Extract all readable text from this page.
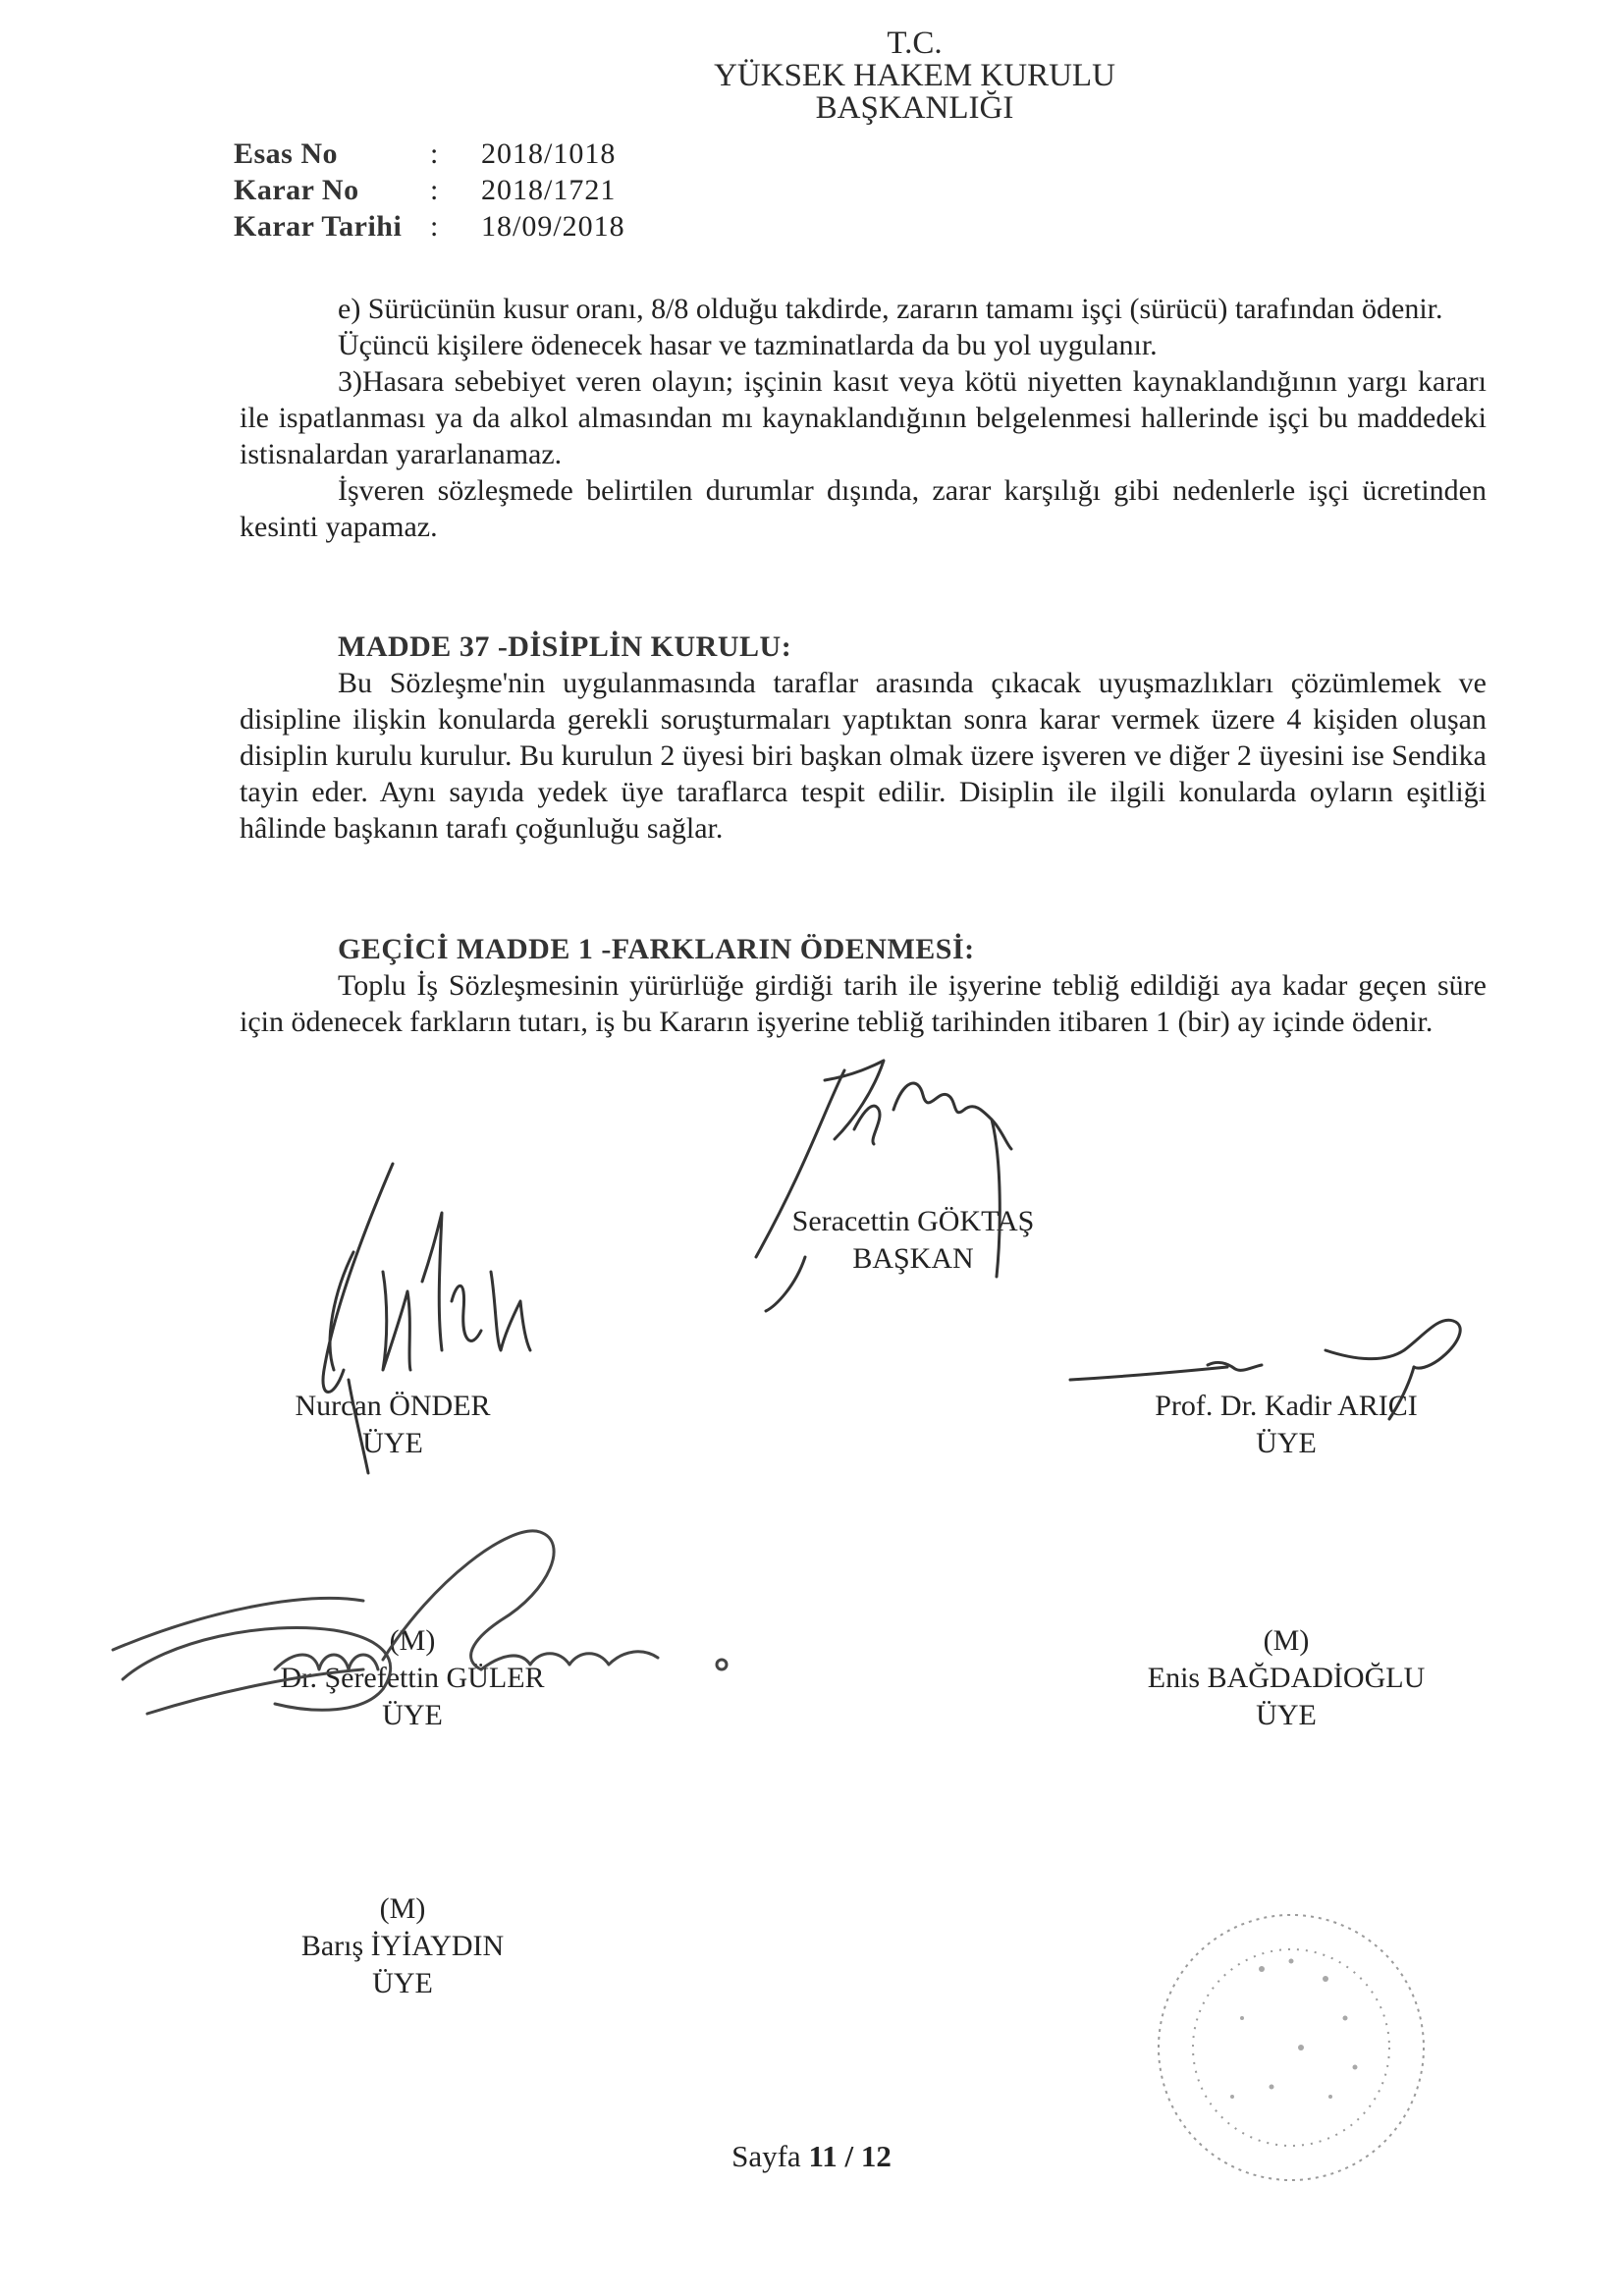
T.C.
YÜKSEK HAKEM KURULU
BAŞKANLIĞI
Esas No	:	2018/1018
Karar No	:	2018/1721
Karar Tarihi :	18/09/2018

e) Sürücünün kusur oranı, 8/8 olduğu takdirde, zararın tamamı işçi (sürücü) tarafından ödenir.

Üçüncü kişilere ödenecek hasar ve tazminatlarda da bu yol uygulanır.

3)Hasara sebebiyet veren olayın; işçinin kasıt veya kötü niyetten kaynaklandığının yargı kararı ile ispatlanması ya da alkol almasından mı kaynaklandığının belgelenmesi hallerinde işçi bu maddedeki istisnalardan yararlanamaz.

İşveren sözleşmede belirtilen durumlar dışında, zarar karşılığı gibi nedenlerle işçi ücretinden kesinti yapamaz.

MADDE 37 -DİSİPLİN KURULU:

Bu Sözleşme'nin uygulanmasında taraflar arasında çıkacak uyuşmazlıkları çözümlemek ve disipline ilişkin konularda gerekli soruşturmaları yaptıktan sonra karar vermek üzere 4 kişiden oluşan disiplin kurulu kurulur. Bu kurulun 2 üyesi biri başkan olmak üzere işveren ve diğer 2 üyesini ise Sendika tayin eder. Aynı sayıda yedek üye taraflarca tespit edilir. Disiplin ile ilgili konularda oyların eşitliği hâlinde başkanın tarafı çoğunluğu sağlar.

GEÇİCİ MADDE 1 -FARKLARIN ÖDENMESİ:

Toplu İş Sözleşmesinin yürürlüğe girdiği tarih ile işyerine tebliğ edildiği aya kadar geçen süre için ödenecek farkların tutarı, iş bu Kararın işyerine tebliğ tarihinden itibaren 1 (bir) ay içinde ödenir.

Seracettin GÖKTAŞ
BAŞKAN
Nurcan ÖNDER
ÜYE
Prof. Dr. Kadir ARICI
ÜYE
(M)
Dr. Şerefettin GÜLER
ÜYE
(M)
Enis BAĞDADİOĞLU
ÜYE
(M)
Barış İYİAYDIN
ÜYE
Sayfa 11 / 12
